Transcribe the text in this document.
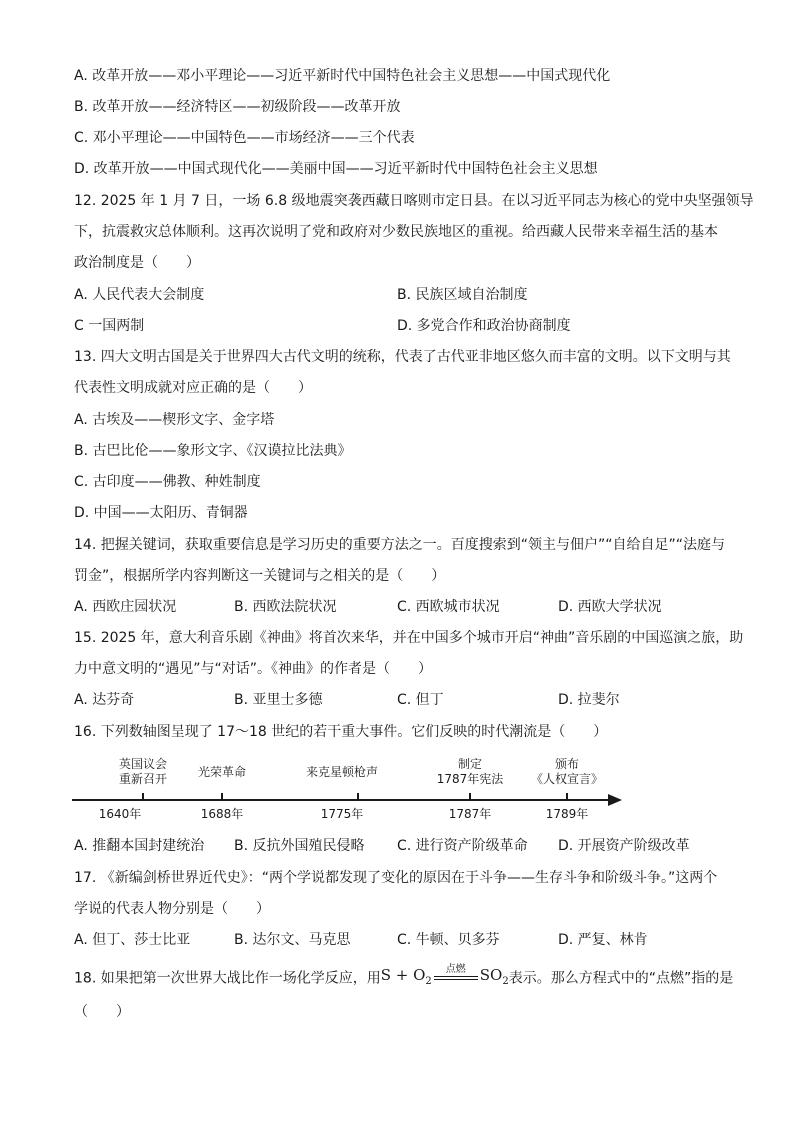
A. 改革开放——邓小平理论——习近平新时代中国特色社会主义思想——中国式现代化
B. 改革开放——经济特区——初级阶段——改革开放
C. 邓小平理论——中国特色——市场经济——三个代表
D. 改革开放——中国式现代化——美丽中国——习近平新时代中国特色社会主义思想
12. 2025 年 1 月 7 日，一场 6.8 级地震突袭西藏日喀则市定日县。在以习近平同志为核心的党中央坚强领导
下，抗震救灾总体顺利。这再次说明了党和政府对少数民族地区的重视。给西藏人民带来幸福生活的基本
政治制度是（　　）
A. 人民代表大会制度	B. 民族区域自治制度
C 一国两制	D. 多党合作和政治协商制度
13. 四大文明古国是关于世界四大古代文明的统称，代表了古代亚非地区悠久而丰富的文明。以下文明与其
代表性文明成就对应正确的是（　　）
A. 古埃及——楔形文字、金字塔
B. 古巴比伦——象形文字、《汉谟拉比法典》
C. 古印度——佛教、种姓制度
D. 中国——太阳历、青铜器
14. 把握关键词，获取重要信息是学习历史的重要方法之一。百度搜索到“领主与佃户”“自给自足”“法庭与
罚金”，根据所学内容判断这一关键词与之相关的是（　　）
A. 西欧庄园状况	B. 西欧法院状况	C. 西欧城市状况	D. 西欧大学状况
15. 2025 年，意大利音乐剧《神曲》将首次来华，并在中国多个城市开启“神曲”音乐剧的中国巡演之旅，助
力中意文明的“遇见”与“对话”。《神曲》的作者是（　　）
A. 达芬奇	B. 亚里士多德	C. 但丁	D. 拉斐尔
16. 下列数轴图呈现了 17～18 世纪的若干重大事件。它们反映的时代潮流是（　　）
英国议会
重新召开	光荣革命	来克星顿枪声
制定
1787年宪法
颁布
《人权宣言》
1640年	1688年	1775年	1787年	1789年
A. 推翻本国封建统治 B. 反抗外国殖民侵略 C. 进行资产阶级革命 D. 开展资产阶级改革
17. 《新编剑桥世界近代史》：“两个学说都发现了变化的原因在于斗争——生存斗争和阶级斗争。”这两个
学说的代表人物分别是（　　）
A. 但丁、莎士比亚	B. 达尔文、马克思	C. 牛顿、贝多芬	D. 严复、林肯
18. 如果把第一次世界大战比作一场化学反应，用$S + O_2$
点燃 $SO_2$表示。那么方程式中的“点燃”指的是
（　　）
